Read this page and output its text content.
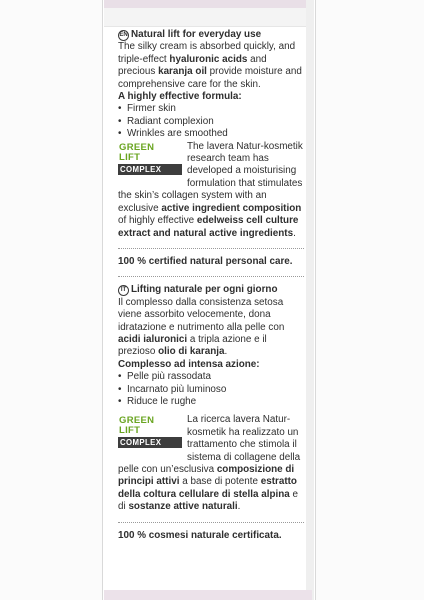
EN Natural lift for everyday use

The silky cream is absorbed quickly, and triple-effect hyaluronic acids and precious karanja oil provide moisture and comprehensive care for the skin.

A highly effective formula:

• Firmer skin
• Radiant complexion
• Wrinkles are smoothed
GREEN
LIFT
COMPLEX

The lavera Natur-kosmetik research team has developed a moisturising formulation that stimulates the skin’s collagen system with an exclusive active ingredient composition of highly effective edelweiss cell culture extract and natural active ingredients.

100 % certified natural personal care.

IT Lifting naturale per ogni giorno

Il complesso dalla consistenza setosa viene assorbito velocemente, dona idratazione e nutrimento alla pelle con acidi ialuronici a tripla azione e il prezioso olio di karanja.

Complesso ad intensa azione:

• Pelle più rassodata
• Incarnato più luminoso
• Riduce le rughe
GREEN
LIFT
COMPLEX

La ricerca lavera Natur-kosmetik ha realizzato un trattamento che stimola il sistema di collagene della pelle con un’esclusiva composizione di principi attivi a base di potente estratto della coltura cellulare di stella alpina e di sostanze attive naturali.

100 % cosmesi naturale certificata.
